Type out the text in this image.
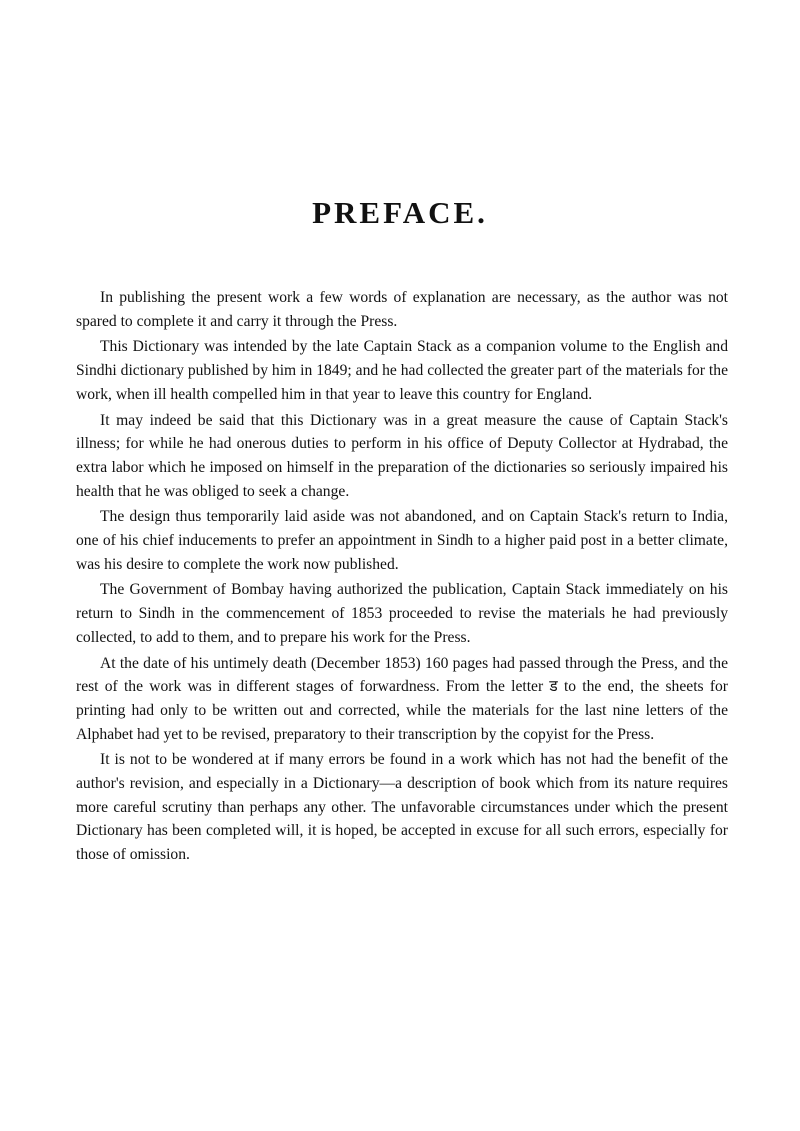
PREFACE.

In publishing the present work a few words of explanation are necessary, as the author was not spared to complete it and carry it through the Press.

This Dictionary was intended by the late Captain Stack as a companion volume to the English and Sindhi dictionary published by him in 1849; and he had collected the greater part of the materials for the work, when ill health compelled him in that year to leave this country for England.

It may indeed be said that this Dictionary was in a great measure the cause of Captain Stack's illness; for while he had onerous duties to perform in his office of Deputy Collector at Hydrabad, the extra labor which he imposed on himself in the preparation of the dictionaries so seriously impaired his health that he was obliged to seek a change.

The design thus temporarily laid aside was not abandoned, and on Captain Stack's return to India, one of his chief inducements to prefer an appointment in Sindh to a higher paid post in a better climate, was his desire to complete the work now published.

The Government of Bombay having authorized the publication, Captain Stack immediately on his return to Sindh in the commencement of 1853 proceeded to revise the materials he had previously collected, to add to them, and to prepare his work for the Press.

At the date of his untimely death (December 1853) 160 pages had passed through the Press, and the rest of the work was in different stages of forwardness. From the letter ड to the end, the sheets for printing had only to be written out and corrected, while the materials for the last nine letters of the Alphabet had yet to be revised, preparatory to their transcription by the copyist for the Press.

It is not to be wondered at if many errors be found in a work which has not had the benefit of the author's revision, and especially in a Dictionary—a description of book which from its nature requires more careful scrutiny than perhaps any other. The unfavorable circumstances under which the present Dictionary has been completed will, it is hoped, be accepted in excuse for all such errors, especially for those of omission.
